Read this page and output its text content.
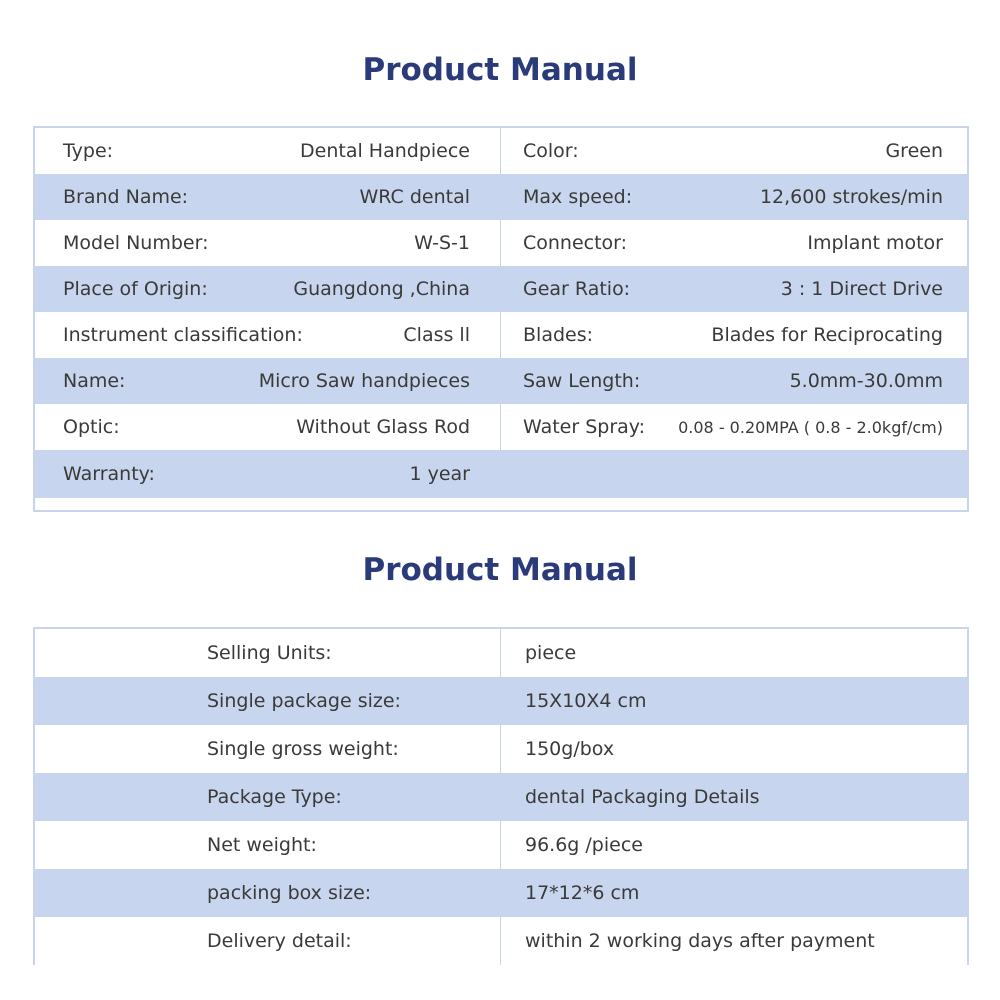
Product Manual
Type:	Dental Handpiece	Color:	Green
Brand Name:	WRC dental	Max speed:	12,600 strokes/min
Model Number:	W-S-1	Connector:	Implant motor
Place of Origin:	Guangdong ,China	Gear Ratio:	3 : 1 Direct Drive
Instrument classification:	Class ll	Blades:	Blades for Reciprocating
Name:	Micro Saw handpieces	Saw Length:	5.0mm-30.0mm
Optic:	Without Glass Rod	Water Spray: 0.08 - 0.20MPA ( 0.8 - 2.0kgf/cm)
Warranty:	1 year
Product Manual
Selling Units:	piece
Single package size:	15X10X4 cm
Single gross weight:	150g/box
Package Type:	dental Packaging Details
Net weight:	96.6g /piece
packing box size:	17*12*6 cm
Delivery detail:	within 2 working days after payment
